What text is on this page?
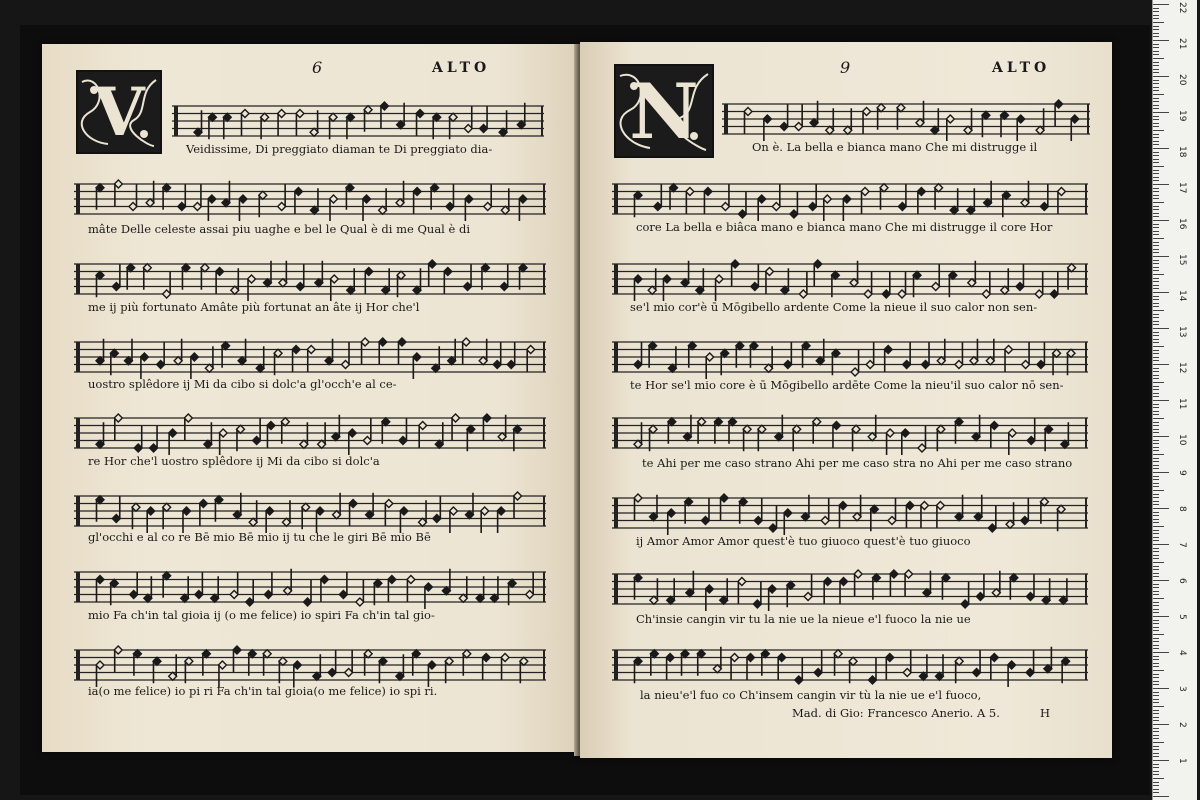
6	ALTO	9	ALTO
V	N
Veidissime, Di preggiato diaman te Di preggiato dia-
mâte Delle celeste assai piu uaghe e bel le Qual è di me Qual è di
me ij più fortunato Amâte più fortunat an âte ij Hor che'l
uostro splêdore ij Mi da cibo si dolc'a gl'occh'e al ce-
re Hor che'l uostro splêdore ij Mi da cibo si dolc'a
gl'occhi e al co re Bē mio Bē mio ij tu che le giri Bē mio Bē
mio Fa ch'in tal gioia ij (o me felice) io spiri Fa ch'in tal gio-
ia(o me felice) io pi ri Fa ch'in tal gioia(o me felice) io spi ri.
On è. La bella e bianca mano Che mi distrugge il
core La bella e biâca mano e bianca mano Che mi distrugge il core Hor
se'l mio cor'è ū Mōgibello ardente Come la nieue il suo calor non sen-
te Hor se'l mio core è ū Mōgibello ardēte Come la nieu'il suo calor nō sen-
te Ahi per me caso strano Ahi per me caso stra no Ahi per me caso strano
ij Amor Amor Amor quest'è tuo giuoco quest'è tuo giuoco
Ch'insie cangin vir tu la nie ue la nieue e'l fuoco la nie ue
la nieu'e'l fuo co Ch'insem cangin vir tù la nie ue e'l fuoco,
Mad. di Gio: Francesco Anerio. A 5.	H
22
21
20
19
18
17
16
15
14
13
12
11
10
9
8
7
6
5
4
3
2
1
